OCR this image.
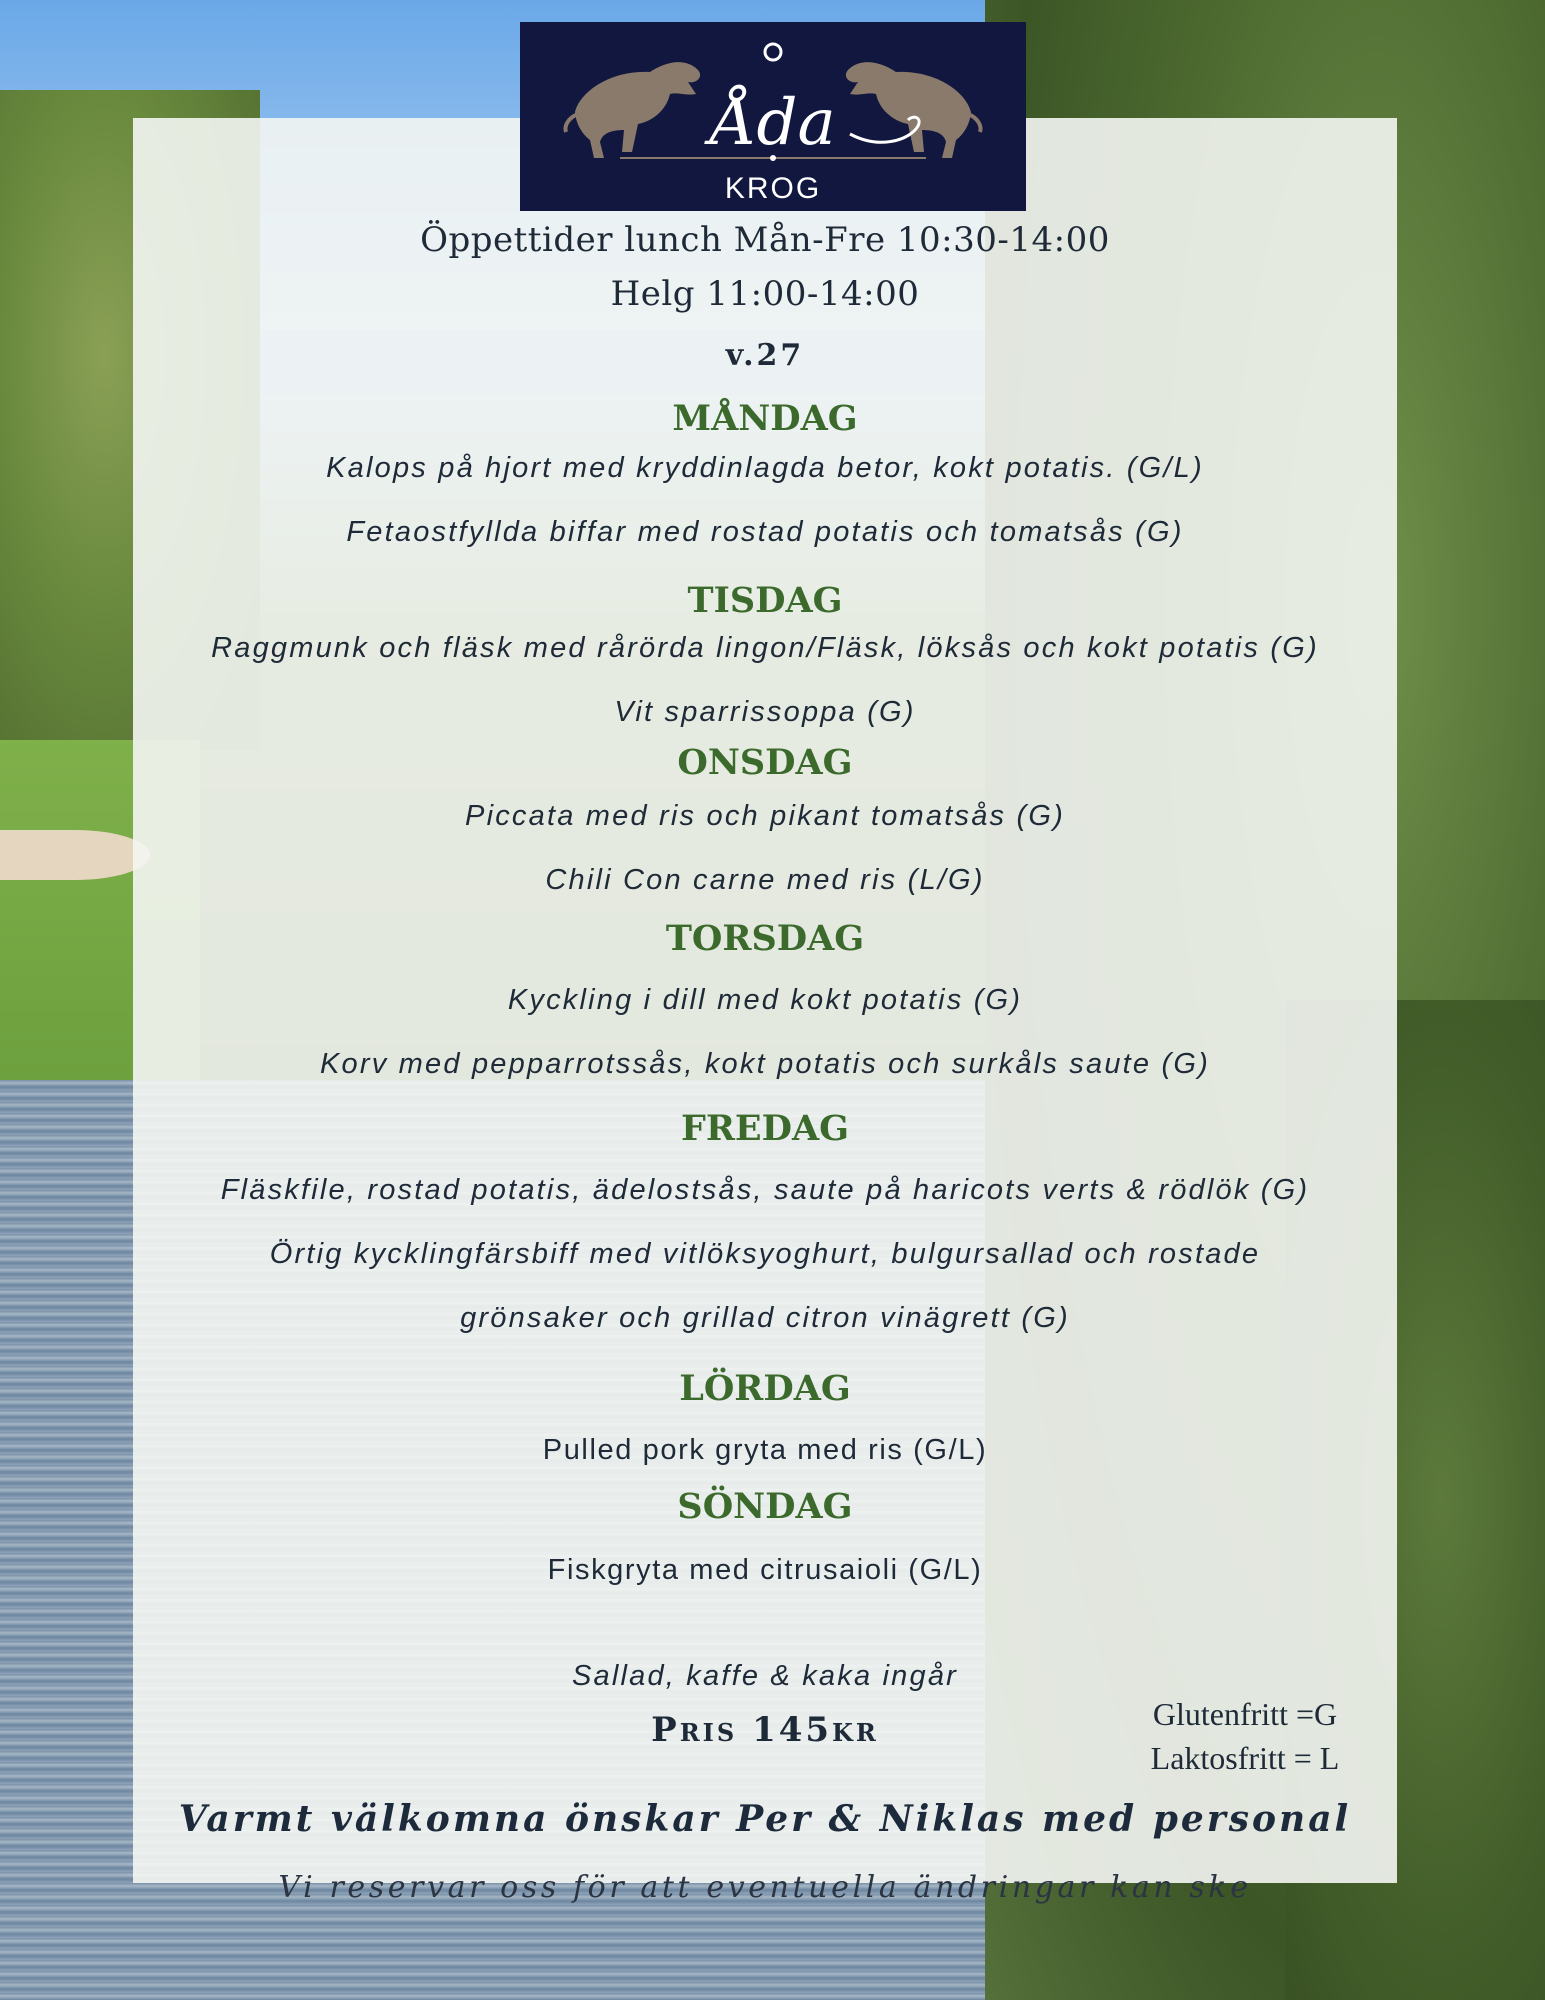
Åda
KROG
Öppettider lunch Mån-Fre 10:30-14:00
Helg 11:00-14:00
v.27
MÅNDAG
Kalops på hjort med kryddinlagda betor, kokt potatis. (G/L)
Fetaostfyllda biffar med rostad potatis och tomatsås (G)
TISDAG
Raggmunk och fläsk med rårörda lingon/Fläsk, löksås och kokt potatis (G)
Vit sparrissoppa (G)
ONSDAG
Piccata med ris och pikant tomatsås (G)
Chili Con carne med ris (L/G)
TORSDAG
Kyckling i dill med kokt potatis (G)
Korv med pepparrotssås, kokt potatis och surkåls saute (G)
FREDAG
Fläskfile, rostad potatis, ädelostsås, saute på haricots verts & rödlök (G)
Örtig kycklingfärsbiff med vitlöksyoghurt, bulgursallad och rostade
grönsaker och grillad citron vinägrett (G)
LÖRDAG
Pulled pork gryta med ris (G/L)
SÖNDAG
Fiskgryta med citrusaioli (G/L)
Sallad, kaffe & kaka ingår
Pris 145kr	Glutenfritt =G
Laktosfritt = L
Varmt välkomna önskar Per & Niklas med personal
Vi reservar oss för att eventuella ändringar kan ske
